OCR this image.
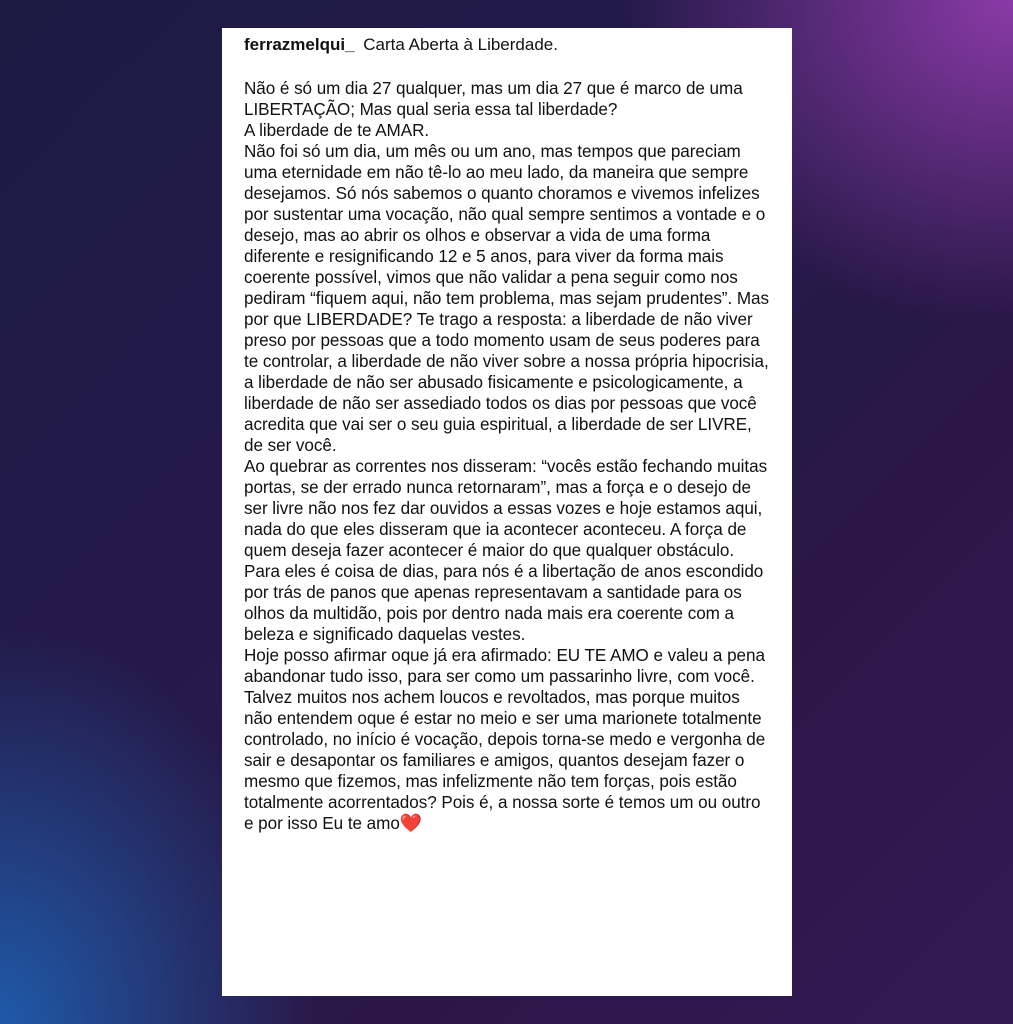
ferrazmelqui_ Carta Aberta à Liberdade.

Não é só um dia 27 qualquer, mas um dia 27 que é marco de uma LIBERTAÇÃO; Mas qual seria essa tal liberdade?

A liberdade de te AMAR.

Não foi só um dia, um mês ou um ano, mas tempos que pareciam uma eternidade em não tê-lo ao meu lado, da maneira que sempre desejamos. Só nós sabemos o quanto choramos e vivemos infelizes por sustentar uma vocação, não qual sempre sentimos a vontade e o desejo, mas ao abrir os olhos e observar a vida de uma forma diferente e resignificando 12 e 5 anos, para viver da forma mais coerente possível, vimos que não validar a pena seguir como nos pediram “fiquem aqui, não tem problema, mas sejam prudentes”. Mas por que LIBERDADE? Te trago a resposta: a liberdade de não viver preso por pessoas que a todo momento usam de seus poderes para te controlar, a liberdade de não viver sobre a nossa própria hipocrisia, a liberdade de não ser abusado fisicamente e psicologicamente, a liberdade de não ser assediado todos os dias por pessoas que você acredita que vai ser o seu guia espiritual, a liberdade de ser LIVRE, de ser você.

Ao quebrar as correntes nos disseram: “vocês estão fechando muitas portas, se der errado nunca retornaram”, mas a força e o desejo de ser livre não nos fez dar ouvidos a essas vozes e hoje estamos aqui, nada do que eles disseram que ia acontecer aconteceu. A força de quem deseja fazer acontecer é maior do que qualquer obstáculo.

Para eles é coisa de dias, para nós é a libertação de anos escondido por trás de panos que apenas representavam a santidade para os olhos da multidão, pois por dentro nada mais era coerente com a beleza e significado daquelas vestes.

Hoje posso afirmar oque já era afirmado: EU TE AMO e valeu a pena abandonar tudo isso, para ser como um passarinho livre, com você.

Talvez muitos nos achem loucos e revoltados, mas porque muitos não entendem oque é estar no meio e ser uma marionete totalmente controlado, no início é vocação, depois torna-se medo e vergonha de sair e desapontar os familiares e amigos, quantos desejam fazer o mesmo que fizemos, mas infelizmente não tem forças, pois estão totalmente acorrentados? Pois é, a nossa sorte é temos um ou outro e por isso Eu te amo❤️
